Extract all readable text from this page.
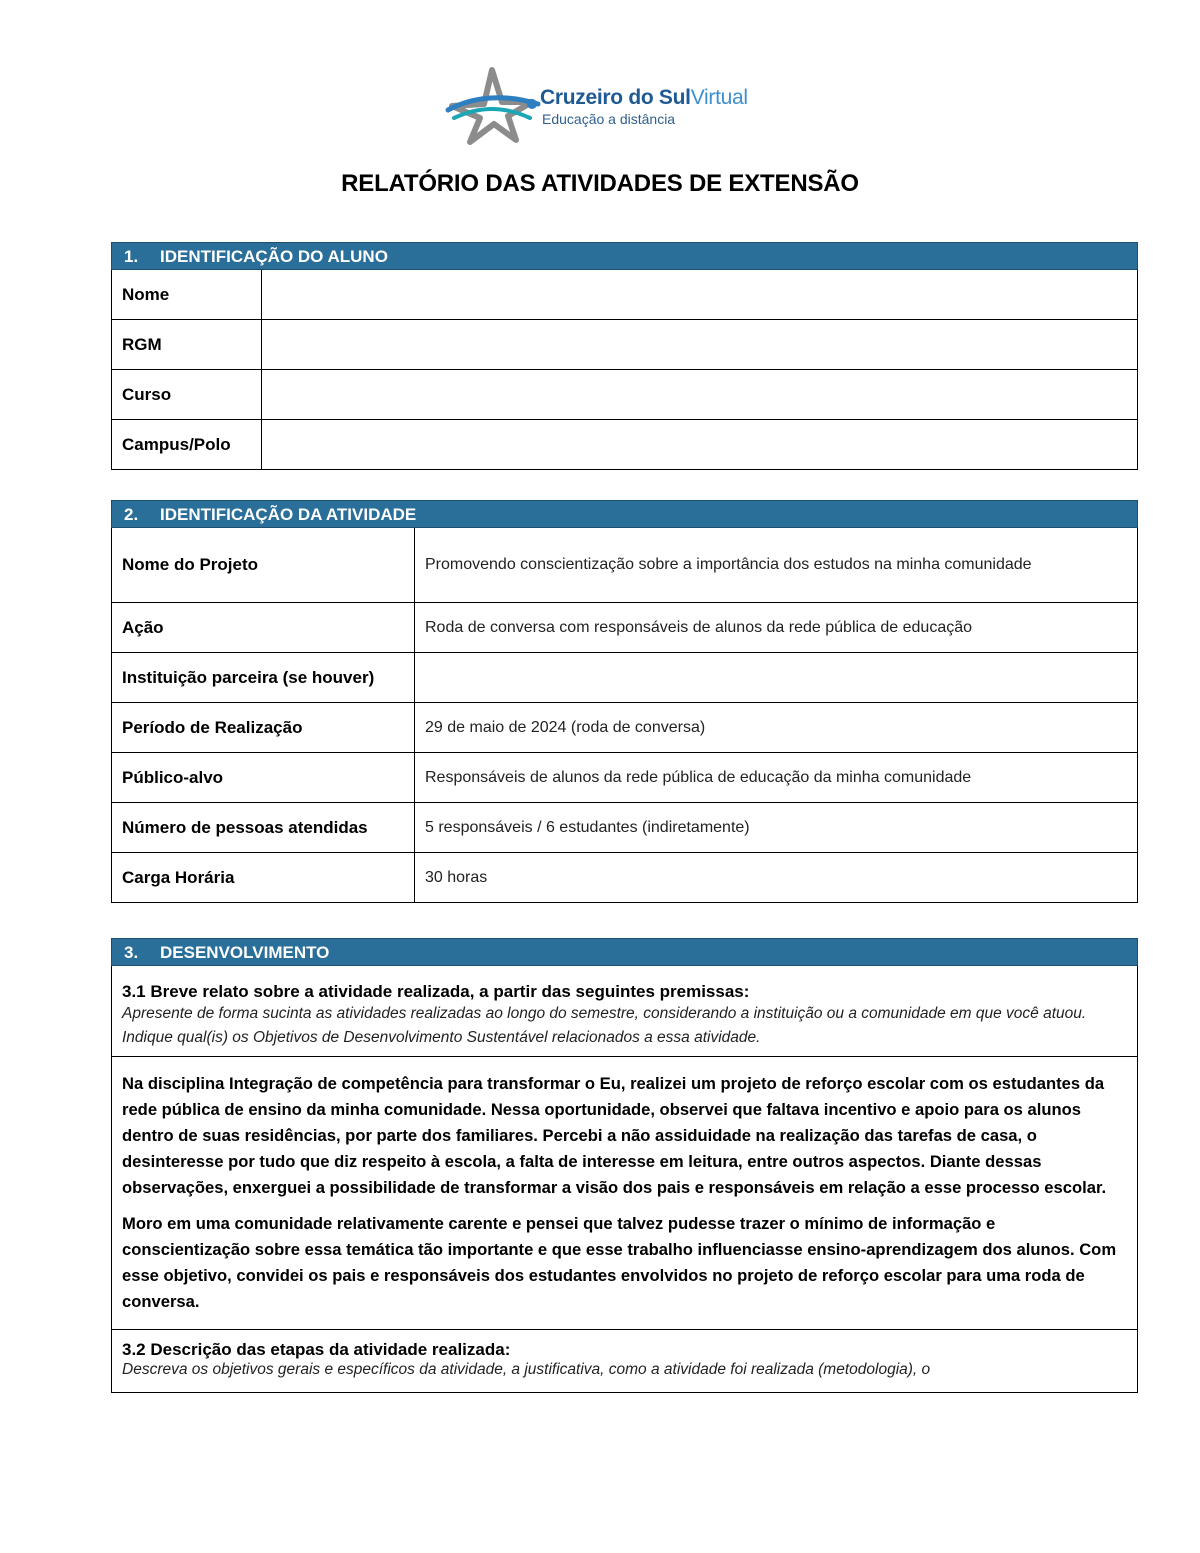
Cruzeiro do SulVirtual
Educação a distância
RELATÓRIO DAS ATIVIDADES DE EXTENSÃO
1. IDENTIFICAÇÃO DO ALUNO	
Nome	
RGM	
Curso	
Campus/Polo	
2. IDENTIFICAÇÃO DA ATIVIDADE	
Nome do Projeto	Promovendo conscientização sobre a importância dos estudos na minha comunidade
Ação	Roda de conversa com responsáveis de alunos da rede pública de educação
Instituição parceira (se houver)	
Período de Realização	29 de maio de 2024 (roda de conversa)
Público-alvo	Responsáveis de alunos da rede pública de educação da minha comunidade
Número de pessoas atendidas	5 responsáveis / 6 estudantes (indiretamente)
Carga Horária	30 horas
3. DESENVOLVIMENTO

3.1 Breve relato sobre a atividade realizada, a partir das seguintes premissas:
Apresente de forma sucinta as atividades realizadas ao longo do semestre, considerando a instituição ou a comunidade em que você atuou. Indique qual(is) os Objetivos de Desenvolvimento Sustentável relacionados a essa atividade.

Na disciplina Integração de competência para transformar o Eu, realizei um projeto de reforço escolar com os estudantes da rede pública de ensino da minha comunidade. Nessa oportunidade, observei que faltava incentivo e apoio para os alunos dentro de suas residências, por parte dos familiares. Percebi a não assiduidade na realização das tarefas de casa, o desinteresse por tudo que diz respeito à escola, a falta de interesse em leitura, entre outros aspectos. Diante dessas observações, enxerguei a possibilidade de transformar a visão dos pais e responsáveis em relação a esse processo escolar.

Moro em uma comunidade relativamente carente e pensei que talvez pudesse trazer o mínimo de informação e conscientização sobre essa temática tão importante e que esse trabalho influenciasse ensino-aprendizagem dos alunos. Com esse objetivo, convidei os pais e responsáveis dos estudantes envolvidos no projeto de reforço escolar para uma roda de conversa.

3.2 Descrição das etapas da atividade realizada:
Descreva os objetivos gerais e específicos da atividade, a justificativa, como a atividade foi realizada (metodologia), o
